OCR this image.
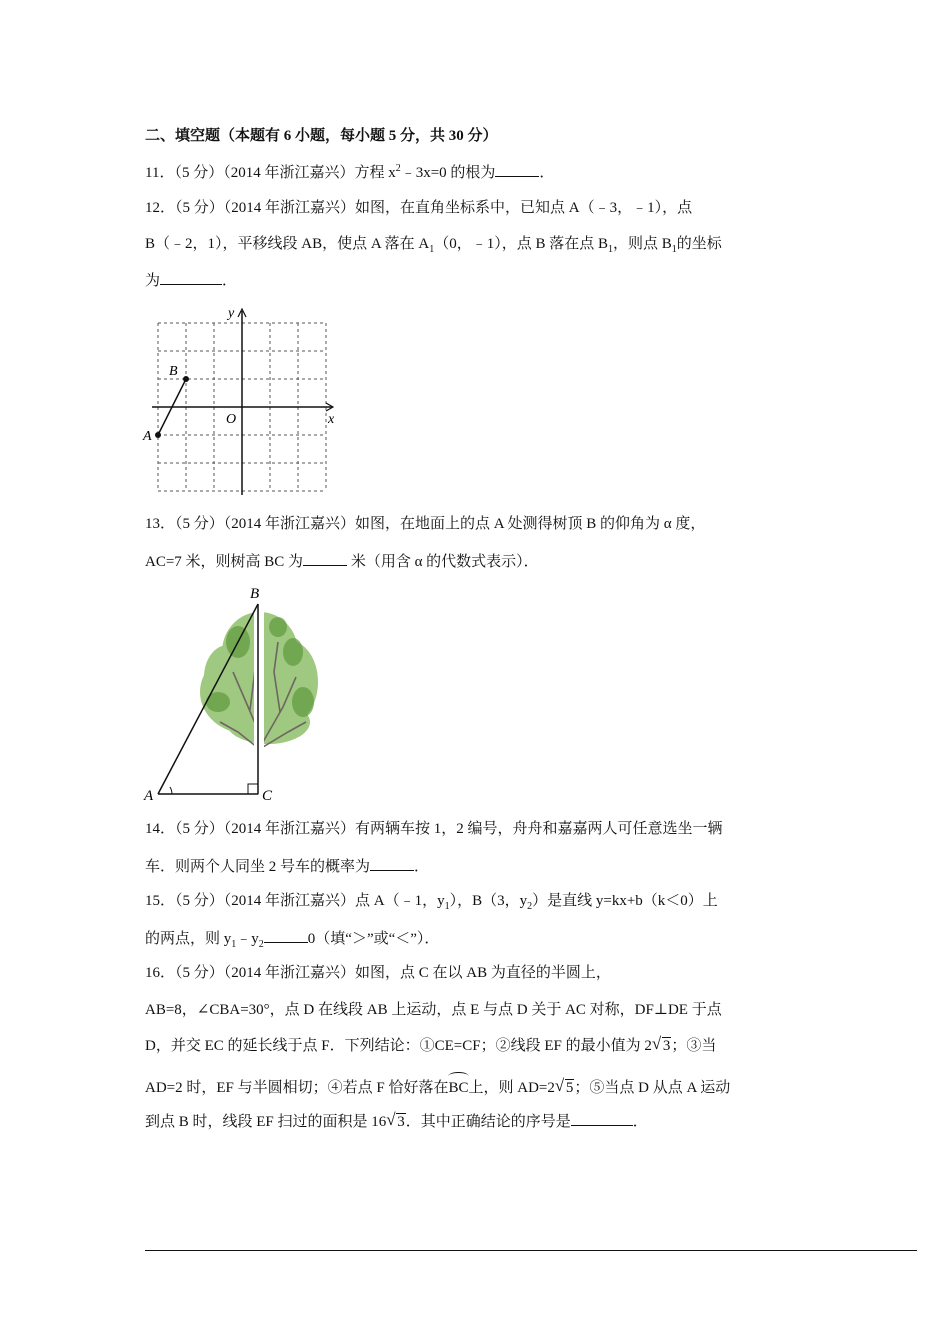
二、填空题（本题有 6 小题，每小题 5 分，共 30 分）
11．（5 分）（2014 年浙江嘉兴）方程 $x^2﹣3x=0$ 的根为	．
12．（5 分）（2014 年浙江嘉兴）如图，在直角坐标系中，已知点 A（﹣3，﹣1），点
B（﹣2，1），平移线段 AB，使点 A 落在 $A_1(0$，﹣1），点 B 落在点 $B_1$，则点 $B_1$的坐标
为	．
y
x
O
A
B
13．（5 分）（2014 年浙江嘉兴）如图，在地面上的点 A 处测得树顶 B 的仰角为 α 度，
AC=7 米，则树高 BC 为	米（用含 α 的代数式表示）．
B
A	C
14．（5 分）（2014 年浙江嘉兴）有两辆车按 1，2 编号，舟舟和嘉嘉两人可任意选坐一辆
车．则两个人同坐 2 号车的概率为	．
15．（5 分）（2014 年浙江嘉兴）点 A（﹣1，$y_1$），B（3，$y_2$）是直线 y=kx+b（k＜0）上
的两点，则 $y_1﹣y_2$	0（填“＞”或“＜”）．
16．（5 分）（2014 年浙江嘉兴）如图，点 C 在以 AB 为直径的半圆上，
AB=8，∠CBA=30°，点 D 在线段 AB 上运动，点 E 与点 D 关于 AC 对称，DF⊥DE 于点
D，并交 EC 的延长线于点 F．下列结论：①CE=CF；②线段 EF 的最小值为 2 √ 3；③当
AD=2 时，EF 与半圆相切；④若点 F 恰好落在BC上，则 AD=2 √ 5；⑤当点 D 从点 A 运动
到点 B 时，线段 EF 扫过的面积是 16 √ 3．其中正确结论的序号是	．
